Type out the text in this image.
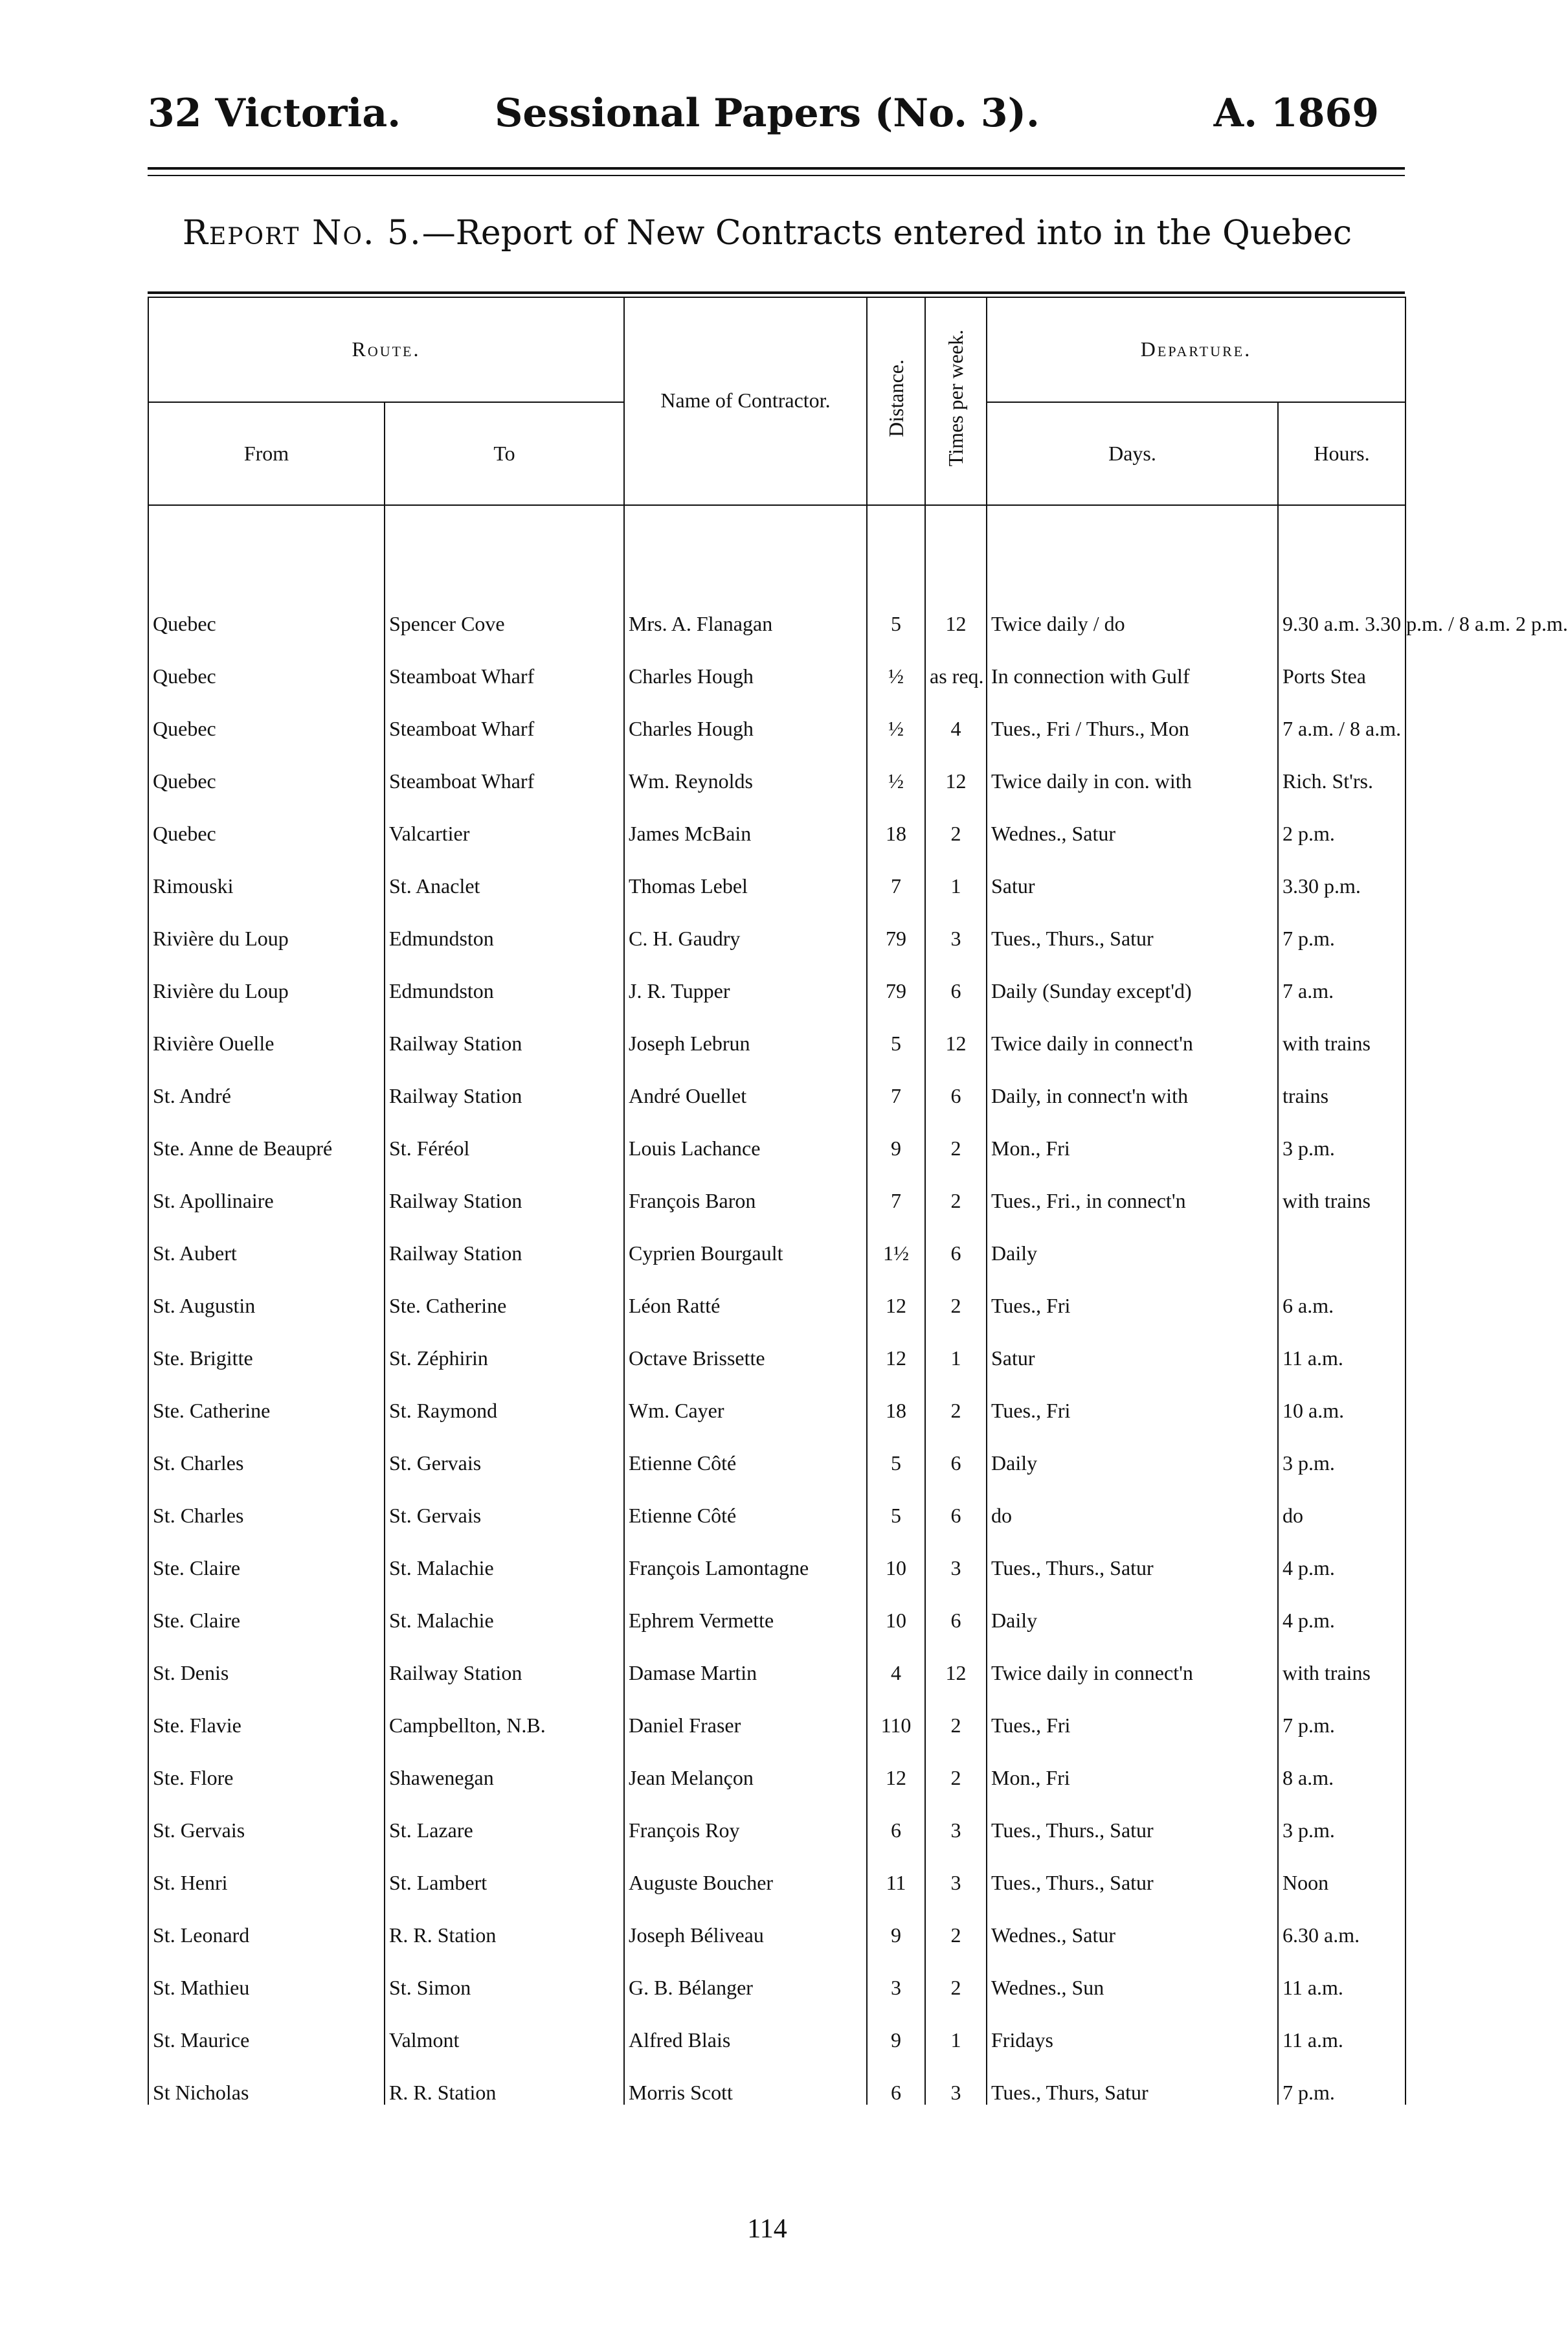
32 Victoria.	Sessional Papers (No. 3).	A. 1869
Report No. 5.—Report of New Contracts entered into in the Quebec
Route.		Name of Contractor.	Distance.	Times per week.	Departure.	
From	To				Days.	Hours.

Quebec	Spencer Cove	Mrs. A. Flanagan	5	12	Twice daily / do	9.30 a.m. 3.30 p.m. / 8 a.m. 2 p.m.
Quebec	Steamboat Wharf	Charles Hough	½	as req.	In connection with Gulf	Ports Stea
Quebec	Steamboat Wharf	Charles Hough	½	4	Tues., Fri / Thurs., Mon	7 a.m. / 8 a.m.
Quebec	Steamboat Wharf	Wm. Reynolds	½	12	Twice daily in con. with	Rich. St'rs.
Quebec	Valcartier	James McBain	18	2	Wednes., Satur	2 p.m.
Rimouski	St. Anaclet	Thomas Lebel	7	1	Satur	3.30 p.m.
Rivière du Loup	Edmundston	C. H. Gaudry	79	3	Tues., Thurs., Satur	7 p.m.
Rivière du Loup	Edmundston	J. R. Tupper	79	6	Daily (Sunday except'd)	7 a.m.
Rivière Ouelle	Railway Station	Joseph Lebrun	5	12	Twice daily in connect'n	with trains
St. André	Railway Station	André Ouellet	7	6	Daily, in connect'n with	trains
Ste. Anne de Beaupré	St. Féréol	Louis Lachance	9	2	Mon., Fri	3 p.m.
St. Apollinaire	Railway Station	François Baron	7	2	Tues., Fri., in connect'n	with trains
St. Aubert	Railway Station	Cyprien Bourgault	1½	6	Daily	
St. Augustin	Ste. Catherine	Léon Ratté	12	2	Tues., Fri	6 a.m.
Ste. Brigitte	St. Zéphirin	Octave Brissette	12	1	Satur	11 a.m.
Ste. Catherine	St. Raymond	Wm. Cayer	18	2	Tues., Fri	10 a.m.
St. Charles	St. Gervais	Etienne Côté	5	6	Daily	3 p.m.
St. Charles	St. Gervais	Etienne Côté	5	6	do	do
Ste. Claire	St. Malachie	François Lamontagne	10	3	Tues., Thurs., Satur	4 p.m.
Ste. Claire	St. Malachie	Ephrem Vermette	10	6	Daily	4 p.m.
St. Denis	Railway Station	Damase Martin	4	12	Twice daily in connect'n	with trains
Ste. Flavie	Campbellton, N.B.	Daniel Fraser	110	2	Tues., Fri	7 p.m.
Ste. Flore	Shawenegan	Jean Melançon	12	2	Mon., Fri	8 a.m.
St. Gervais	St. Lazare	François Roy	6	3	Tues., Thurs., Satur	3 p.m.
St. Henri	St. Lambert	Auguste Boucher	11	3	Tues., Thurs., Satur	Noon
St. Leonard	R. R. Station	Joseph Béliveau	9	2	Wednes., Satur	6.30 a.m.
St. Mathieu	St. Simon	G. B. Bélanger	3	2	Wednes., Sun	11 a.m.
St. Maurice	Valmont	Alfred Blais	9	1	Fridays	11 a.m.
St Nicholas	R. R. Station	Morris Scott	6	3	Tues., Thurs, Satur	7 p.m.
114
